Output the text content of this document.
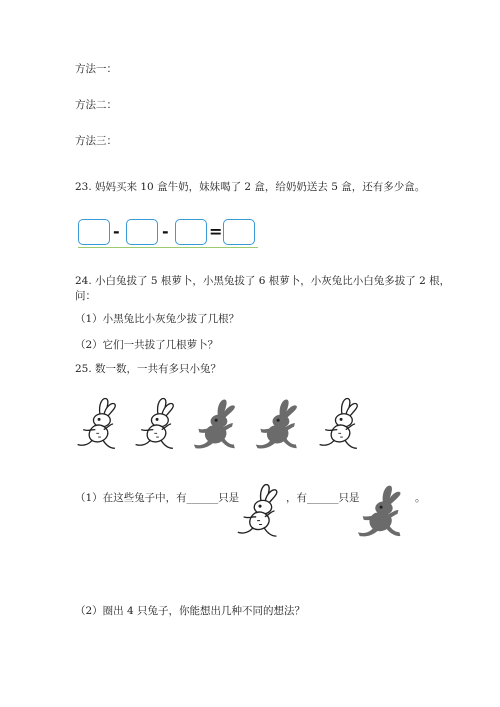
方法一：
方法二：
方法三：
23. 妈妈买来 10 盒牛奶，妹妹喝了 2 盒，给奶奶送去 5 盒，还有多少盒。
-	-	=
24. 小白兔拔了 5 根萝卜，小黑兔拔了 6 根萝卜，小灰兔比小白兔多拔了 2 根，
问：
（1）小黑兔比小灰兔少拔了几根？
（2）它们一共拔了几根萝卜？
25. 数一数，一共有多只小兔？
（1）在这些兔子中，有______只是	，有______只是	。
（2）圈出 4 只兔子，你能想出几种不同的想法？
